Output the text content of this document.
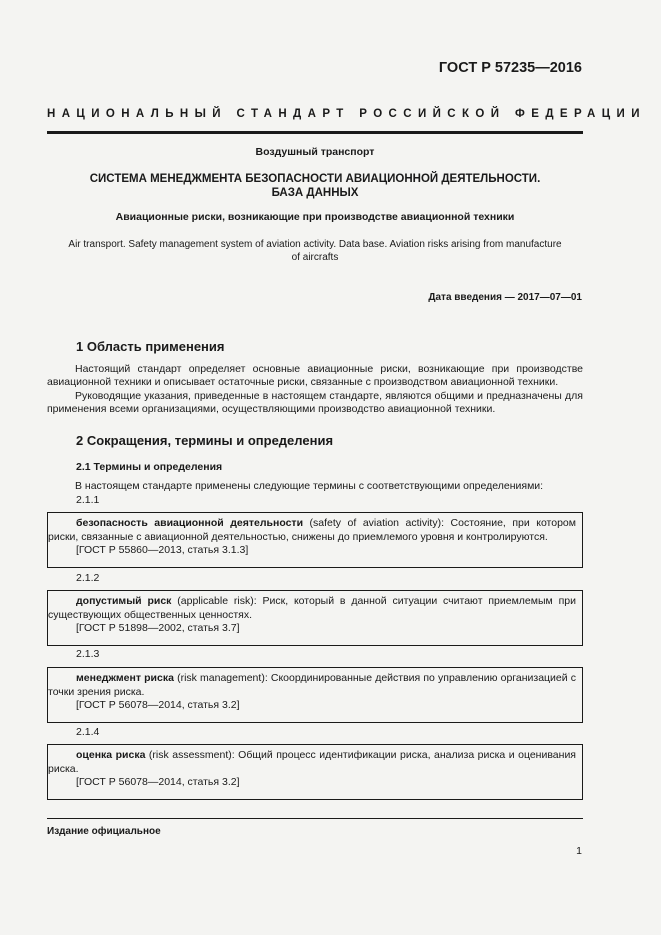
ГОСТ Р 57235—2016
НАЦИОНАЛЬНЫЙ СТАНДАРТ РОССИЙСКОЙ ФЕДЕРАЦИИ
Воздушный транспорт
СИСТЕМА МЕНЕДЖМЕНТА БЕЗОПАСНОСТИ АВИАЦИОННОЙ ДЕЯТЕЛЬНОСТИ.
БАЗА ДАННЫХ
Авиационные риски, возникающие при производстве авиационной техники
Air transport. Safety management system of aviation activity. Data base. Aviation risks arising from manufacture of aircrafts
Дата введения — 2017—07—01
1 Область применения
Настоящий стандарт определяет основные авиационные риски, возникающие при производстве авиационной техники и описывает остаточные риски, связанные с производством авиационной техники.
Руководящие указания, приведенные в настоящем стандарте, являются общими и предназначены для применения всеми организациями, осуществляющими производство авиационной техники.
2 Сокращения, термины и определения
2.1 Термины и определения
В настоящем стандарте применены следующие термины с соответствующими определениями:
2.1.1

безопасность авиационной деятельности (safety of aviation activity): Состояние, при котором риски, связанные с авиационной деятельностью, снижены до приемлемого уровня и контролируются.

[ГОСТ Р 55860—2013, статья 3.1.3]

2.1.2

допустимый риск (applicable risk): Риск, который в данной ситуации считают приемлемым при существующих общественных ценностях.

[ГОСТ Р 51898—2002, статья 3.7]

2.1.3

менеджмент риска (risk management): Скоординированные действия по управлению организацией с точки зрения риска.

[ГОСТ Р 56078—2014, статья 3.2]

2.1.4

оценка риска (risk assessment): Общий процесс идентификации риска, анализа риска и оценивания риска.

[ГОСТ Р 56078—2014, статья 3.2]

Издание официальное
1
